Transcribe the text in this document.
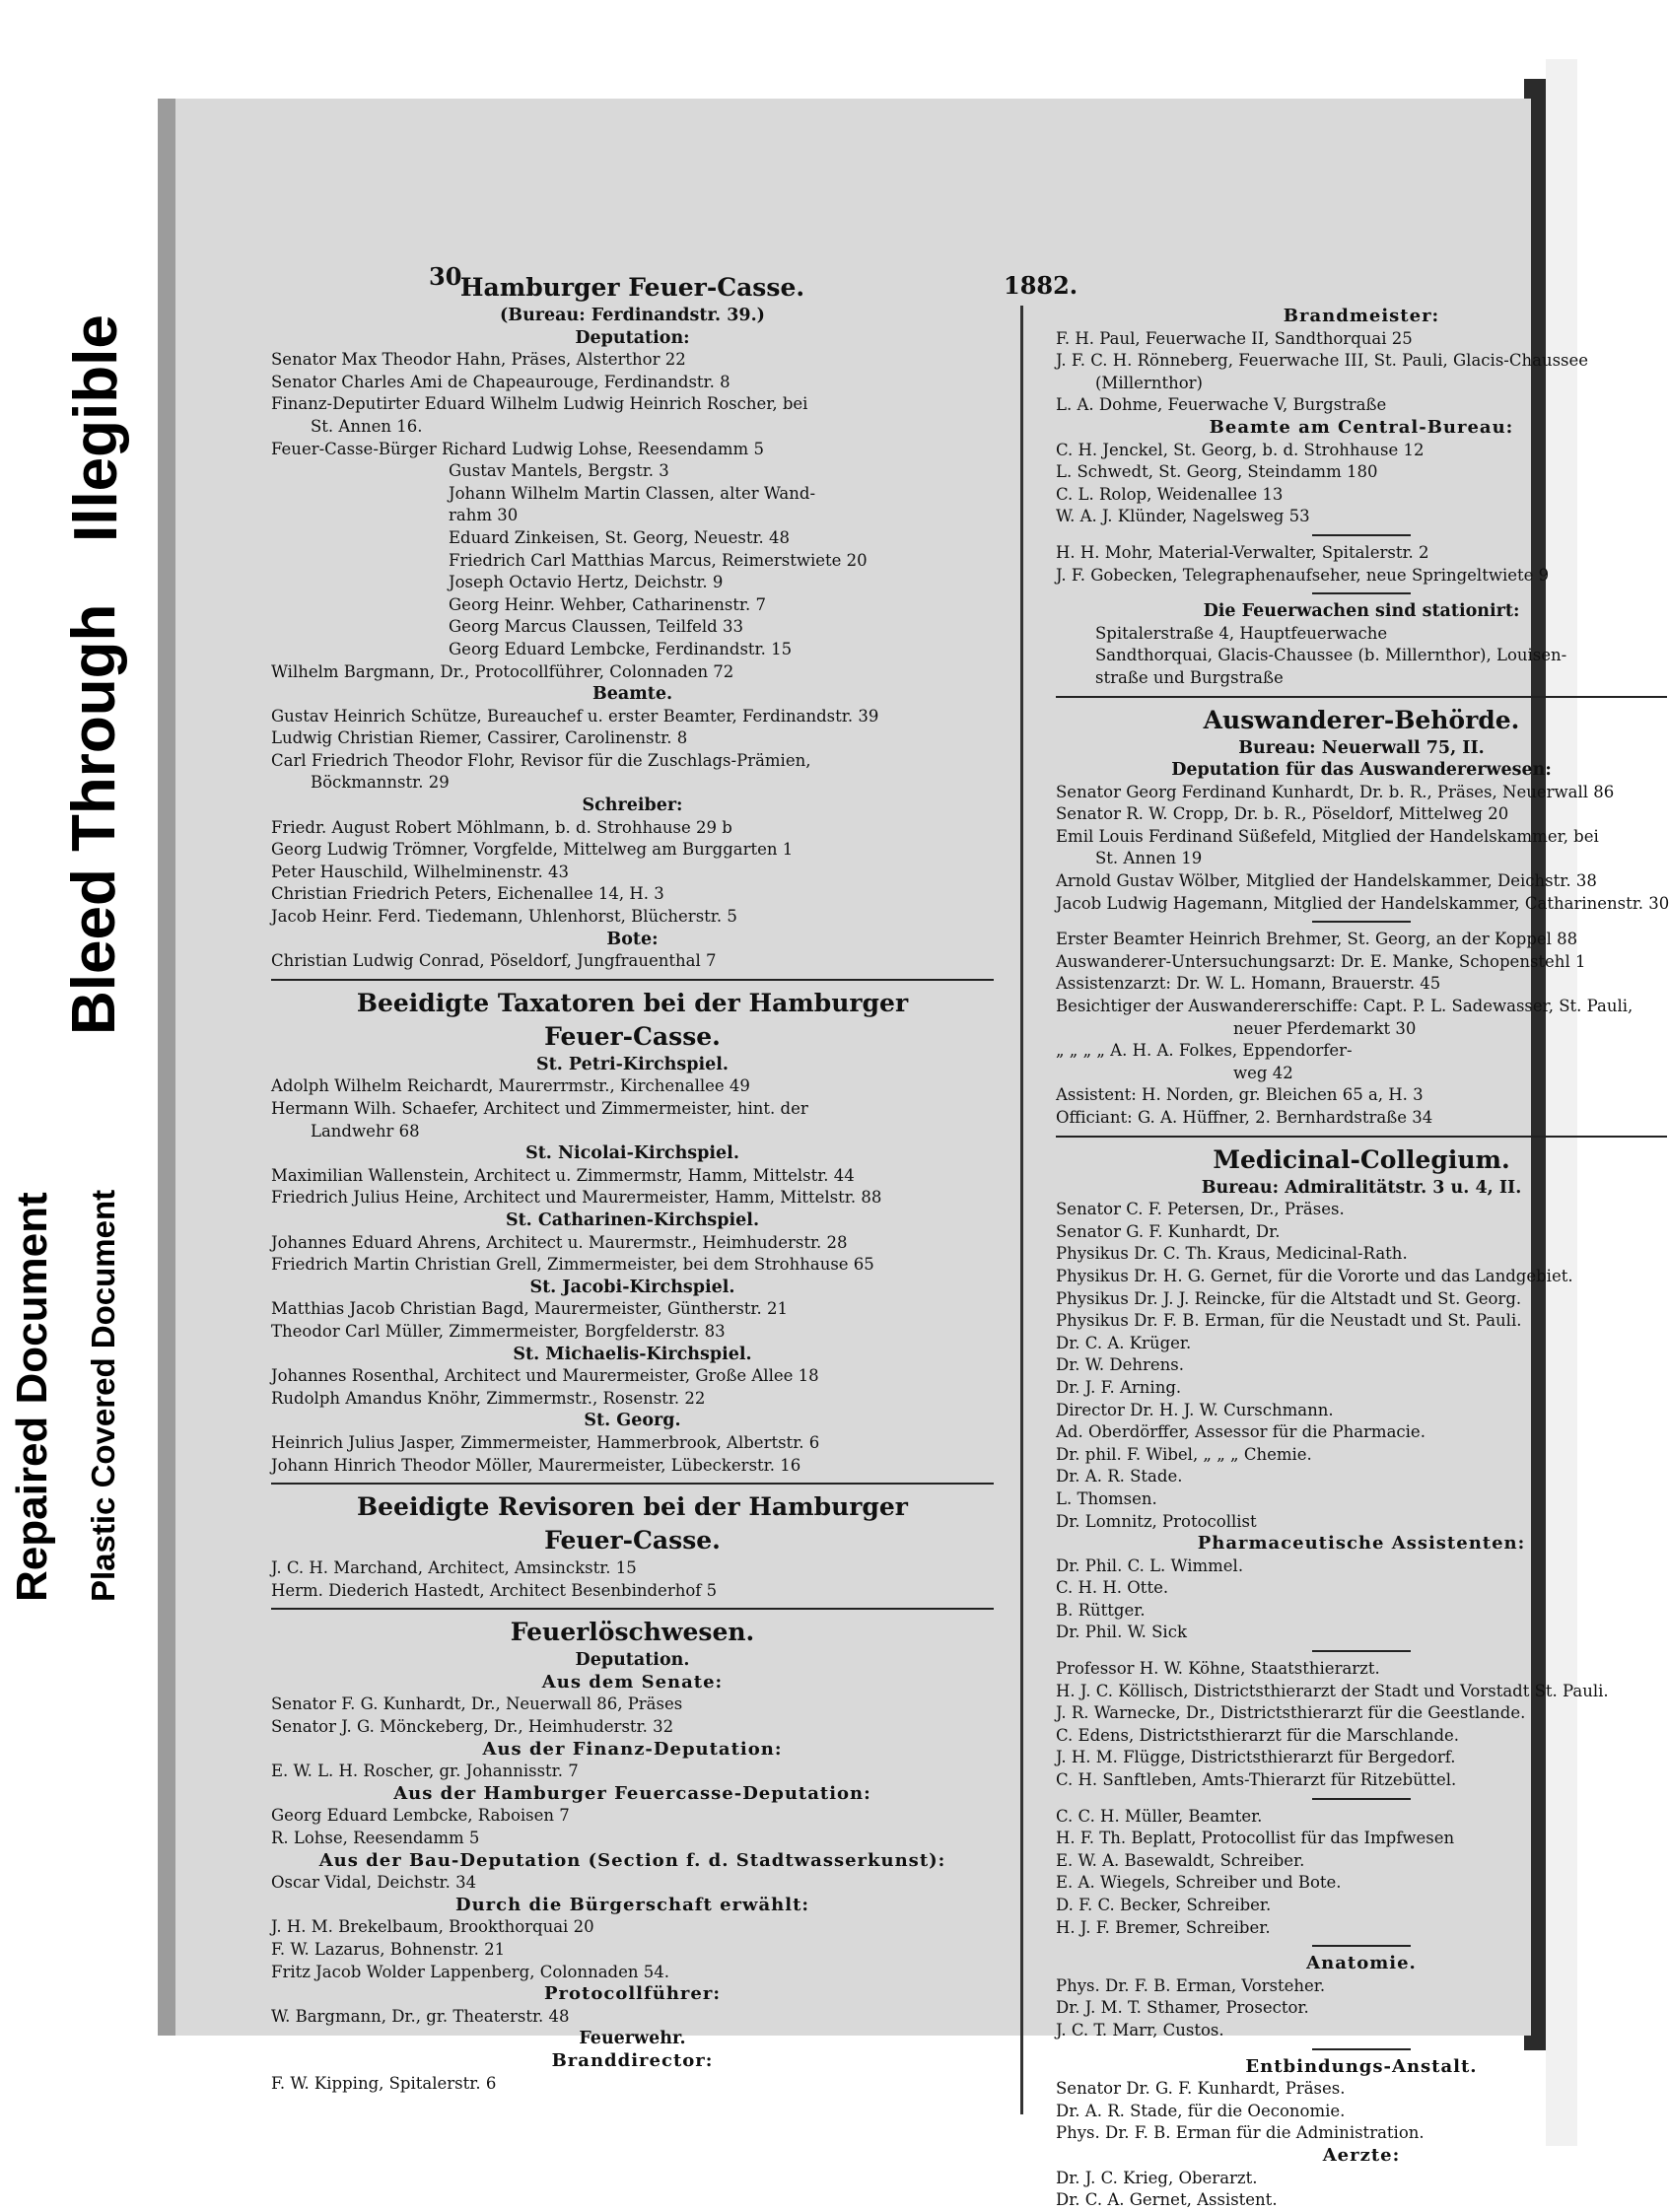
Repaired Document Plastic Covered Document
Bleed Through
Illegible
30	1882.
Hamburger Feuer-Casse.
(Bureau: Ferdinandstr. 39.)
Deputation:
Senator Max Theodor Hahn, Präses, Alsterthor 22
Senator Charles Ami de Chapeaurouge, Ferdinandstr. 8
Finanz-Deputirter Eduard Wilhelm Ludwig Heinrich Roscher, bei
St. Annen 16.
Feuer-Casse-Bürger Richard Ludwig Lohse, Reesendamm 5
Gustav Mantels, Bergstr. 3
Johann Wilhelm Martin Classen, alter Wand-
rahm 30
Eduard Zinkeisen, St. Georg, Neuestr. 48
Friedrich Carl Matthias Marcus, Reimerstwiete 20
Joseph Octavio Hertz, Deichstr. 9
Georg Heinr. Wehber, Catharinenstr. 7
Georg Marcus Claussen, Teilfeld 33
Georg Eduard Lembcke, Ferdinandstr. 15
Wilhelm Bargmann, Dr., Protocollführer, Colonnaden 72
Beamte.
Gustav Heinrich Schütze, Bureauchef u. erster Beamter, Ferdinandstr. 39
Ludwig Christian Riemer, Cassirer, Carolinenstr. 8
Carl Friedrich Theodor Flohr, Revisor für die Zuschlags-Prämien,
Böckmannstr. 29
Schreiber:
Friedr. August Robert Möhlmann, b. d. Strohhause 29 b
Georg Ludwig Trömner, Vorgfelde, Mittelweg am Burggarten 1
Peter Hauschild, Wilhelminenstr. 43
Christian Friedrich Peters, Eichenallee 14, H. 3
Jacob Heinr. Ferd. Tiedemann, Uhlenhorst, Blücherstr. 5
Bote:
Christian Ludwig Conrad, Pöseldorf, Jungfrauenthal 7
Beeidigte Taxatoren bei der Hamburger
Feuer-Casse.
St. Petri-Kirchspiel.
Adolph Wilhelm Reichardt, Maurerrmstr., Kirchenallee 49
Hermann Wilh. Schaefer, Architect und Zimmermeister, hint. der
Landwehr 68
St. Nicolai-Kirchspiel.
Maximilian Wallenstein, Architect u. Zimmermstr, Hamm, Mittelstr. 44
Friedrich Julius Heine, Architect und Maurermeister, Hamm, Mittelstr. 88
St. Catharinen-Kirchspiel.
Johannes Eduard Ahrens, Architect u. Maurermstr., Heimhuderstr. 28
Friedrich Martin Christian Grell, Zimmermeister, bei dem Strohhause 65
St. Jacobi-Kirchspiel.
Matthias Jacob Christian Bagd, Maurermeister, Güntherstr. 21
Theodor Carl Müller, Zimmermeister, Borgfelderstr. 83
St. Michaelis-Kirchspiel.
Johannes Rosenthal, Architect und Maurermeister, Große Allee 18
Rudolph Amandus Knöhr, Zimmermstr., Rosenstr. 22
St. Georg.
Heinrich Julius Jasper, Zimmermeister, Hammerbrook, Albertstr. 6
Johann Hinrich Theodor Möller, Maurermeister, Lübeckerstr. 16
Beeidigte Revisoren bei der Hamburger
Feuer-Casse.
J. C. H. Marchand, Architect, Amsinckstr. 15
Herm. Diederich Hastedt, Architect Besenbinderhof 5
Feuerlöschwesen.
Deputation.
Aus dem Senate:
Senator F. G. Kunhardt, Dr., Neuerwall 86, Präses
Senator J. G. Mönckeberg, Dr., Heimhuderstr. 32
Aus der Finanz-Deputation:
E. W. L. H. Roscher, gr. Johannisstr. 7
Aus der Hamburger Feuercasse-Deputation:
Georg Eduard Lembcke, Raboisen 7
R. Lohse, Reesendamm 5
Aus der Bau-Deputation (Section f. d. Stadtwasserkunst):
Oscar Vidal, Deichstr. 34
Durch die Bürgerschaft erwählt:
J. H. M. Brekelbaum, Brookthorquai 20
F. W. Lazarus, Bohnenstr. 21
Fritz Jacob Wolder Lappenberg, Colonnaden 54.
Protocollführer:
W. Bargmann, Dr., gr. Theaterstr. 48
Feuerwehr.
Branddirector:
F. W. Kipping, Spitalerstr. 6
Brandmeister:
F. H. Paul, Feuerwache II, Sandthorquai 25
J. F. C. H. Rönneberg, Feuerwache III, St. Pauli, Glacis-Chaussee
(Millernthor)
L. A. Dohme, Feuerwache V, Burgstraße
Beamte am Central-Bureau:
C. H. Jenckel, St. Georg, b. d. Strohhause 12
L. Schwedt, St. Georg, Steindamm 180
C. L. Rolop, Weidenallee 13
W. A. J. Klünder, Nagelsweg 53
H. H. Mohr, Material-Verwalter, Spitalerstr. 2
J. F. Gobecken, Telegraphenaufseher, neue Springeltwiete 9
Die Feuerwachen sind stationirt:
Spitalerstraße 4, Hauptfeuerwache
Sandthorquai, Glacis-Chaussee (b. Millernthor), Louisen-
straße und Burgstraße
Auswanderer-Behörde.
Bureau: Neuerwall 75, II.
Deputation für das Auswandererwesen:
Senator Georg Ferdinand Kunhardt, Dr. b. R., Präses, Neuerwall 86
Senator R. W. Cropp, Dr. b. R., Pöseldorf, Mittelweg 20
Emil Louis Ferdinand Süßefeld, Mitglied der Handelskammer, bei
St. Annen 19
Arnold Gustav Wölber, Mitglied der Handelskammer, Deichstr. 38
Jacob Ludwig Hagemann, Mitglied der Handelskammer, Catharinenstr. 30
Erster Beamter Heinrich Brehmer, St. Georg, an der Koppel 88
Auswanderer-Untersuchungsarzt: Dr. E. Manke, Schopenstehl 1
Assistenzarzt: Dr. W. L. Homann, Brauerstr. 45
Besichtiger der Auswandererschiffe: Capt. P. L. Sadewasser, St. Pauli,
neuer Pferdemarkt 30
„ „ „ „ A. H. A. Folkes, Eppendorfer-
weg 42
Assistent: H. Norden, gr. Bleichen 65 a, H. 3
Officiant: G. A. Hüffner, 2. Bernhardstraße 34
Medicinal-Collegium.
Bureau: Admiralitätstr. 3 u. 4, II.
Senator C. F. Petersen, Dr., Präses.
Senator G. F. Kunhardt, Dr.
Physikus Dr. C. Th. Kraus, Medicinal-Rath.
Physikus Dr. H. G. Gernet, für die Vororte und das Landgebiet.
Physikus Dr. J. J. Reincke, für die Altstadt und St. Georg.
Physikus Dr. F. B. Erman, für die Neustadt und St. Pauli.
Dr. C. A. Krüger.
Dr. W. Dehrens.
Dr. J. F. Arning.
Director Dr. H. J. W. Curschmann.
Ad. Oberdörffer, Assessor für die Pharmacie.
Dr. phil. F. Wibel, „ „ „ Chemie.
Dr. A. R. Stade.
L. Thomsen.
Dr. Lomnitz, Protocollist
Pharmaceutische Assistenten:
Dr. Phil. C. L. Wimmel.
C. H. H. Otte.
B. Rüttger.
Dr. Phil. W. Sick
Professor H. W. Köhne, Staatsthierarzt.
H. J. C. Köllisch, Districtsthierarzt der Stadt und Vorstadt St. Pauli.
J. R. Warnecke, Dr., Districtsthierarzt für die Geestlande.
C. Edens, Districtsthierarzt für die Marschlande.
J. H. M. Flügge, Districtsthierarzt für Bergedorf.
C. H. Sanftleben, Amts-Thierarzt für Ritzebüttel.
C. C. H. Müller, Beamter.
H. F. Th. Beplatt, Protocollist für das Impfwesen
E. W. A. Basewaldt, Schreiber.
E. A. Wiegels, Schreiber und Bote.
D. F. C. Becker, Schreiber.
H. J. F. Bremer, Schreiber.
Anatomie.
Phys. Dr. F. B. Erman, Vorsteher.
Dr. J. M. T. Sthamer, Prosector.
J. C. T. Marr, Custos.
Entbindungs-Anstalt.
Senator Dr. G. F. Kunhardt, Präses.
Dr. A. R. Stade, für die Oeconomie.
Phys. Dr. F. B. Erman für die Administration.
Aerzte:
Dr. J. C. Krieg, Oberarzt.
Dr. C. A. Gernet, Assistent.
